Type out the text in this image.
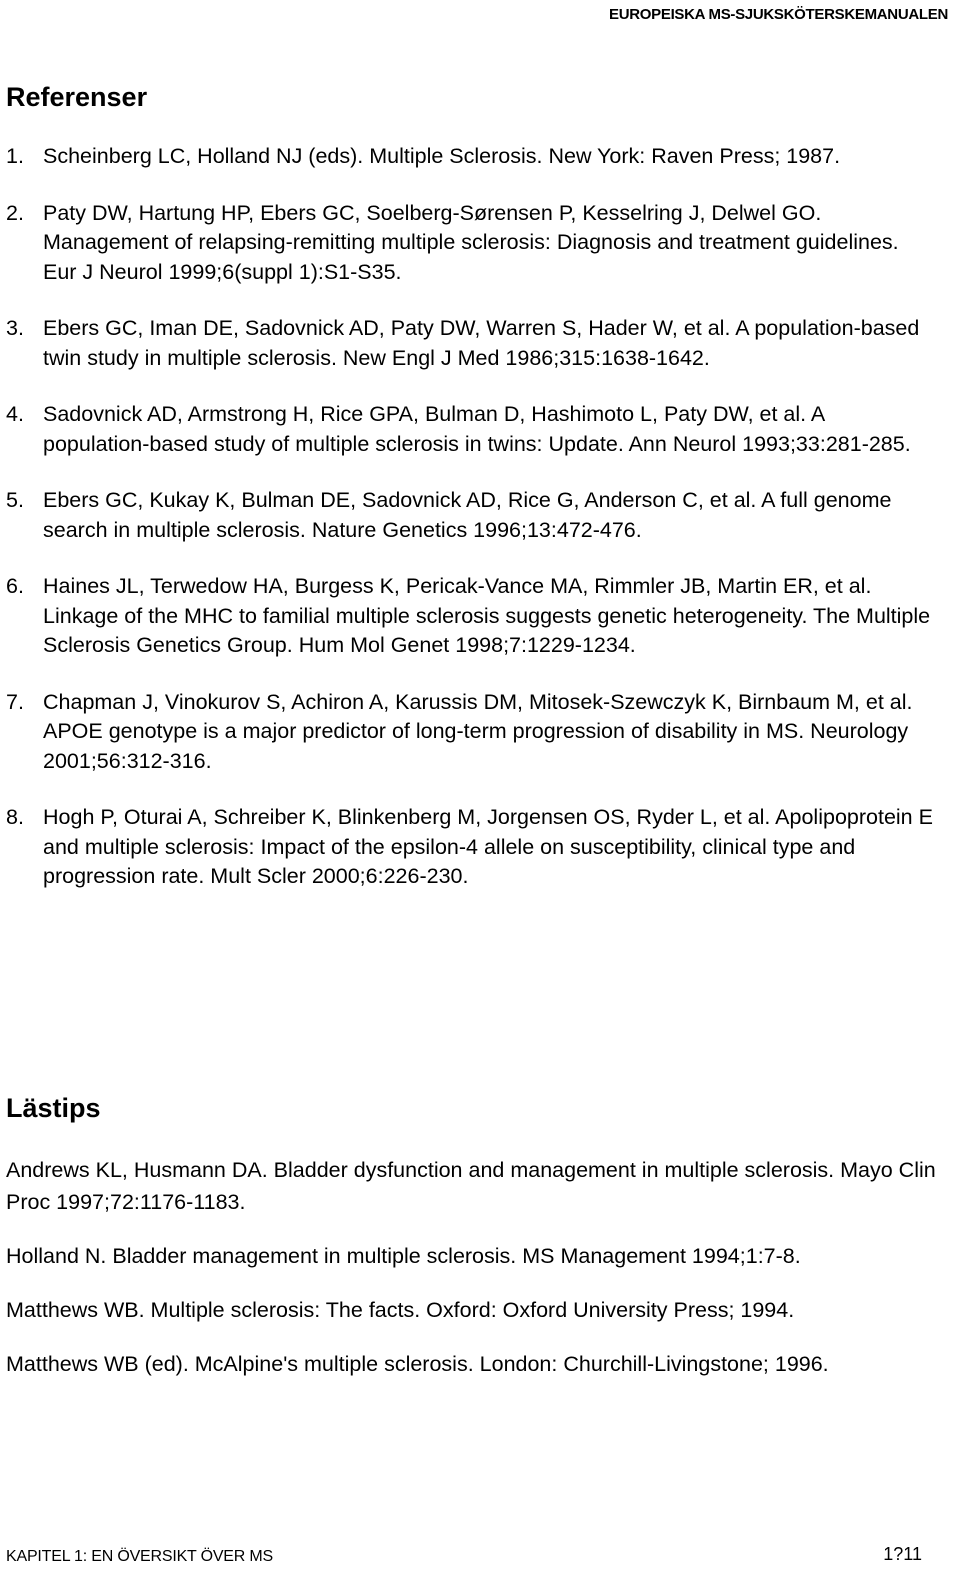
EUROPEISKA MS-SJUKSKÖTERSKEMANUALEN
Referenser
1. Scheinberg LC, Holland NJ (eds). Multiple Sclerosis. New York: Raven Press; 1987.
2. Paty DW, Hartung HP, Ebers GC, Soelberg-Sørensen P, Kesselring J, Delwel GO. Management of relapsing-remitting multiple sclerosis: Diagnosis and treatment guidelines. Eur J Neurol 1999;6(suppl 1):S1-S35.
3. Ebers GC, Iman DE, Sadovnick AD, Paty DW, Warren S, Hader W, et al. A population-based twin study in multiple sclerosis. New Engl J Med 1986;315:1638-1642.
4. Sadovnick AD, Armstrong H, Rice GPA, Bulman D, Hashimoto L, Paty DW, et al. A population-based study of multiple sclerosis in twins: Update. Ann Neurol 1993;33:281-285.
5. Ebers GC, Kukay K, Bulman DE, Sadovnick AD, Rice G, Anderson C, et al. A full genome search in multiple sclerosis. Nature Genetics 1996;13:472-476.
6. Haines JL, Terwedow HA, Burgess K, Pericak-Vance MA, Rimmler JB, Martin ER, et al. Linkage of the MHC to familial multiple sclerosis suggests genetic heterogeneity. The Multiple Sclerosis Genetics Group. Hum Mol Genet 1998;7:1229-1234.
7. Chapman J, Vinokurov S, Achiron A, Karussis DM, Mitosek-Szewczyk K, Birnbaum M, et al. APOE genotype is a major predictor of long-term progression of disability in MS. Neurology 2001;56:312-316.
8. Hogh P, Oturai A, Schreiber K, Blinkenberg M, Jorgensen OS, Ryder L, et al. Apolipoprotein E and multiple sclerosis: Impact of the epsilon-4 allele on susceptibility, clinical type and progression rate. Mult Scler 2000;6:226-230.
Lästips
Andrews KL, Husmann DA. Bladder dysfunction and management in multiple sclerosis. Mayo Clin Proc 1997;72:1176-1183.
Holland N. Bladder management in multiple sclerosis. MS Management 1994;1:7-8.
Matthews WB. Multiple sclerosis: The facts. Oxford: Oxford University Press; 1994.
Matthews WB (ed). McAlpine's multiple sclerosis. London: Churchill-Livingstone; 1996.
KAPITEL 1: EN ÖVERSIKT ÖVER MS	1?11
